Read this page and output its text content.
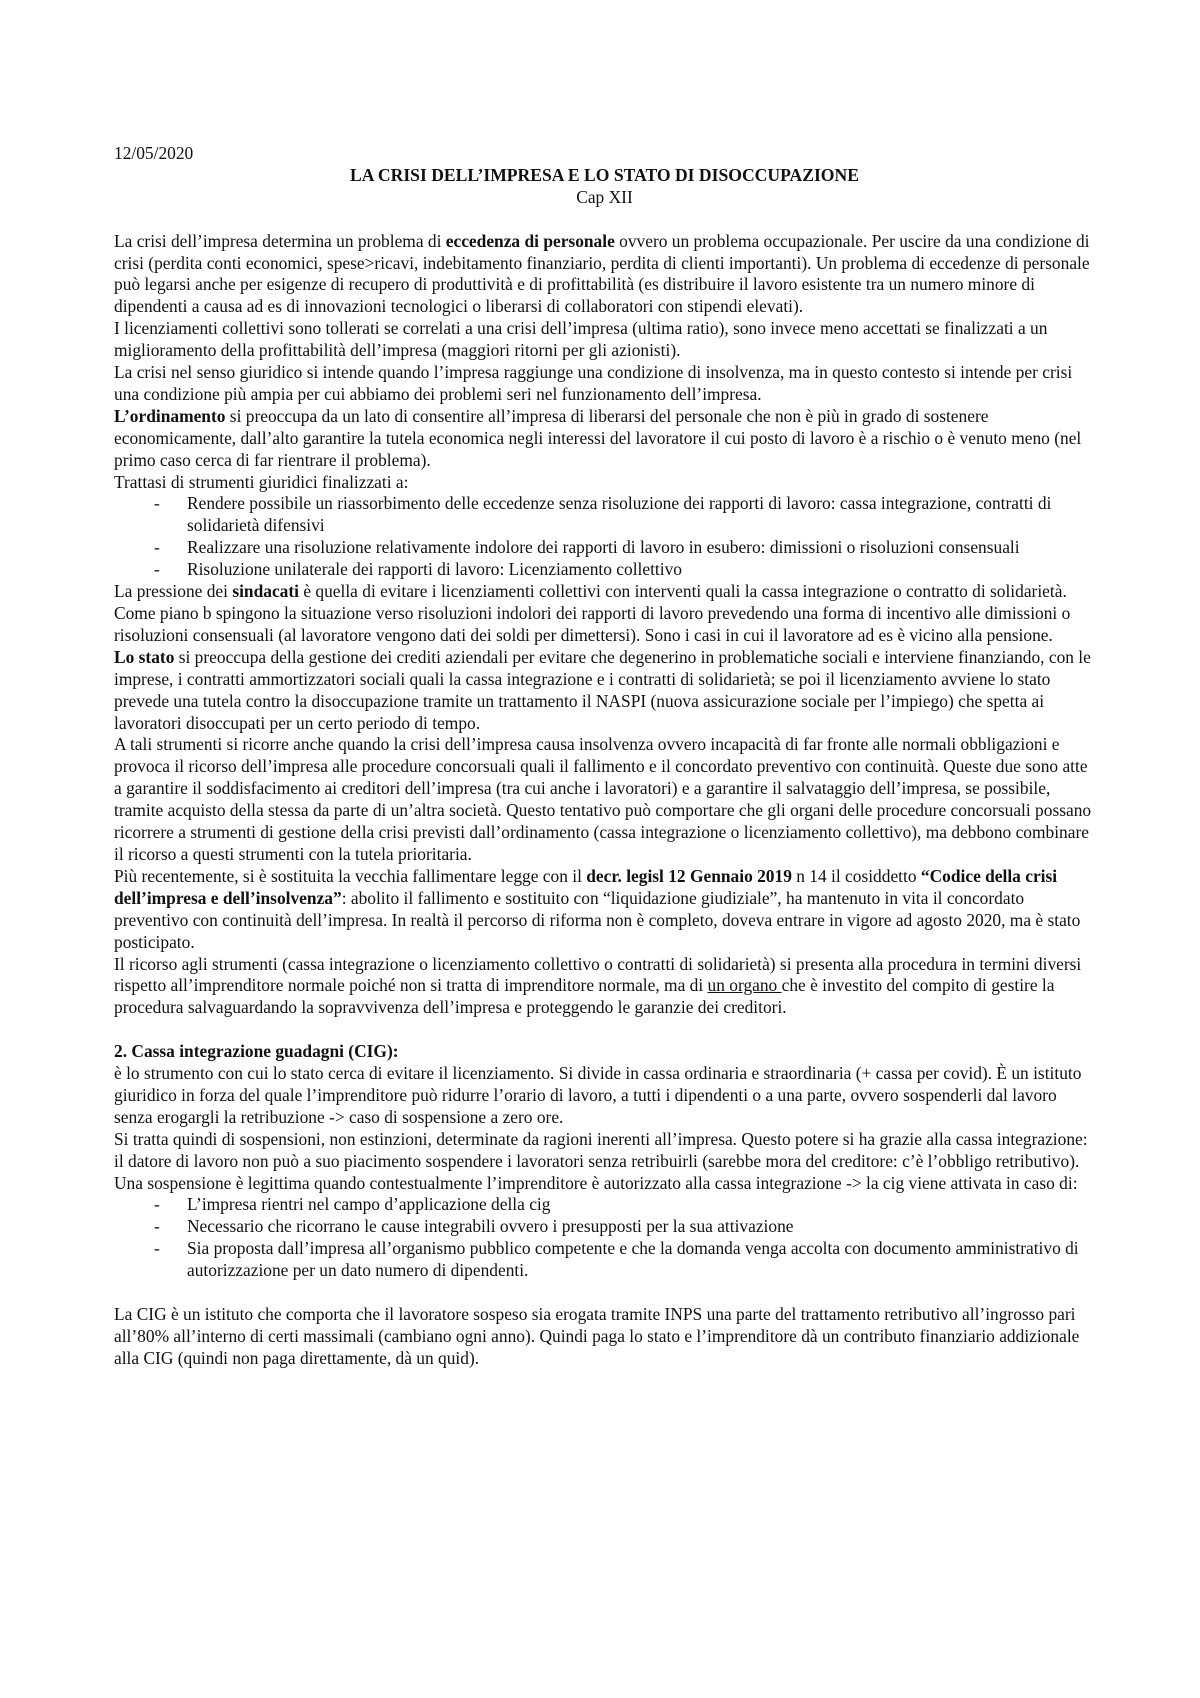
12/05/2020

LA CRISI DELL’IMPRESA E LO STATO DI DISOCCUPAZIONE

Cap XII

La crisi dell’impresa determina un problema di eccedenza di personale ovvero un problema occupazionale. Per uscire da una condizione di crisi (perdita conti economici, spese>ricavi, indebitamento finanziario, perdita di clienti importanti). Un problema di eccedenze di personale può legarsi anche per esigenze di recupero di produttività e di profittabilità (es distribuire il lavoro esistente tra un numero minore di dipendenti a causa ad es di innovazioni tecnologici o liberarsi di collaboratori con stipendi elevati).

I licenziamenti collettivi sono tollerati se correlati a una crisi dell’impresa (ultima ratio), sono invece meno accettati se finalizzati a un miglioramento della profittabilità dell’impresa (maggiori ritorni per gli azionisti).

La crisi nel senso giuridico si intende quando l’impresa raggiunge una condizione di insolvenza, ma in questo contesto si intende per crisi una condizione più ampia per cui abbiamo dei problemi seri nel funzionamento dell’impresa.

L’ordinamento si preoccupa da un lato di consentire all’impresa di liberarsi del personale che non è più in grado di sostenere economicamente, dall’alto garantire la tutela economica negli interessi del lavoratore il cui posto di lavoro è a rischio o è venuto meno (nel primo caso cerca di far rientrare il problema).

Trattasi di strumenti giuridici finalizzati a:

- Rendere possibile un riassorbimento delle eccedenze senza risoluzione dei rapporti di lavoro: cassa integrazione, contratti di solidarietà difensivi
- Realizzare una risoluzione relativamente indolore dei rapporti di lavoro in esubero: dimissioni o risoluzioni consensuali
- Risoluzione unilaterale dei rapporti di lavoro: Licenziamento collettivo

La pressione dei sindacati è quella di evitare i licenziamenti collettivi con interventi quali la cassa integrazione o contratto di solidarietà. Come piano b spingono la situazione verso risoluzioni indolori dei rapporti di lavoro prevedendo una forma di incentivo alle dimissioni o risoluzioni consensuali (al lavoratore vengono dati dei soldi per dimettersi). Sono i casi in cui il lavoratore ad es è vicino alla pensione.

Lo stato si preoccupa della gestione dei crediti aziendali per evitare che degenerino in problematiche sociali e interviene finanziando, con le imprese, i contratti ammortizzatori sociali quali la cassa integrazione e i contratti di solidarietà; se poi il licenziamento avviene lo stato prevede una tutela contro la disoccupazione tramite un trattamento il NASPI (nuova assicurazione sociale per l’impiego) che spetta ai lavoratori disoccupati per un certo periodo di tempo.

A tali strumenti si ricorre anche quando la crisi dell’impresa causa insolvenza ovvero incapacità di far fronte alle normali obbligazioni e provoca il ricorso dell’impresa alle procedure concorsuali quali il fallimento e il concordato preventivo con continuità. Queste due sono atte a garantire il soddisfacimento ai creditori dell’impresa (tra cui anche i lavoratori) e a garantire il salvataggio dell’impresa, se possibile, tramite acquisto della stessa da parte di un’altra società. Questo tentativo può comportare che gli organi delle procedure concorsuali possano ricorrere a strumenti di gestione della crisi previsti dall’ordinamento (cassa integrazione o licenziamento collettivo), ma debbono combinare il ricorso a questi strumenti con la tutela prioritaria.

Più recentemente, si è sostituita la vecchia fallimentare legge con il decr. legisl 12 Gennaio 2019 n 14 il cosiddetto “Codice della crisi dell’impresa e dell’insolvenza”: abolito il fallimento e sostituito con “liquidazione giudiziale”, ha mantenuto in vita il concordato preventivo con continuità dell’impresa. In realtà il percorso di riforma non è completo, doveva entrare in vigore ad agosto 2020, ma è stato posticipato.

Il ricorso agli strumenti (cassa integrazione o licenziamento collettivo o contratti di solidarietà) si presenta alla procedura in termini diversi rispetto all’imprenditore normale poiché non si tratta di imprenditore normale, ma di un organo che è investito del compito di gestire la procedura salvaguardando la sopravvivenza dell’impresa e proteggendo le garanzie dei creditori.

2. Cassa integrazione guadagni (CIG):

è lo strumento con cui lo stato cerca di evitare il licenziamento. Si divide in cassa ordinaria e straordinaria (+ cassa per covid). È un istituto giuridico in forza del quale l’imprenditore può ridurre l’orario di lavoro, a tutti i dipendenti o a una parte, ovvero sospenderli dal lavoro senza erogargli la retribuzione -> caso di sospensione a zero ore.

Si tratta quindi di sospensioni, non estinzioni, determinate da ragioni inerenti all’impresa. Questo potere si ha grazie alla cassa integrazione: il datore di lavoro non può a suo piacimento sospendere i lavoratori senza retribuirli (sarebbe mora del creditore: c’è l’obbligo retributivo). Una sospensione è legittima quando contestualmente l’imprenditore è autorizzato alla cassa integrazione -> la cig viene attivata in caso di:

- L’impresa rientri nel campo d’applicazione della cig
- Necessario che ricorrano le cause integrabili ovvero i presupposti per la sua attivazione
- Sia proposta dall’impresa all’organismo pubblico competente e che la domanda venga accolta con documento amministrativo di autorizzazione per un dato numero di dipendenti.

La CIG è un istituto che comporta che il lavoratore sospeso sia erogata tramite INPS una parte del trattamento retributivo all’ingrosso pari all’80% all’interno di certi massimali (cambiano ogni anno). Quindi paga lo stato e l’imprenditore dà un contributo finanziario addizionale alla CIG (quindi non paga direttamente, dà un quid).
